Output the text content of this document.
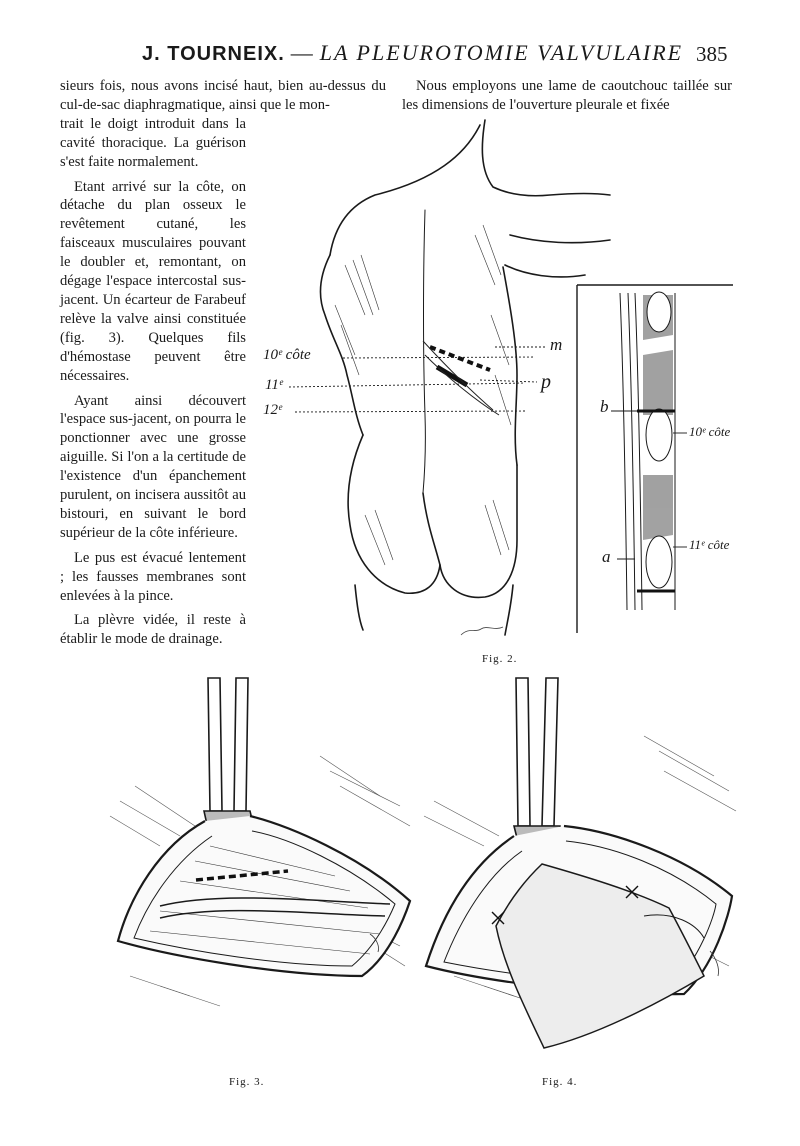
J. TOURNEIX. — LA PLEUROTOMIE VALVULAIRE 385

sieurs fois, nous avons incisé haut, bien au-dessus du cul-de-sac diaphragmatique, ainsi que le mon-

trait le doigt introduit dans la cavité thoracique. La guérison s'est faite normalement.

Etant arrivé sur la côte, on détache du plan osseux le revêtement cutané, les faisceaux musculaires pouvant le doubler et, remontant, on dégage l'espace intercostal sus-jacent. Un écarteur de Farabeuf relève la valve ainsi constituée (fig. 3). Quelques fils d'hémostase peuvent être nécessaires.

Ayant ainsi découvert l'espace sus-jacent, on pourra le ponctionner avec une grosse aiguille. Si l'on a la certitude de l'existence d'un épanchement purulent, on incisera aussitôt au bistouri, en suivant le bord supérieur de la côte inférieure.

Le pus est évacué lentement ; les fausses membranes sont enlevées à la pince.

La plèvre vidée, il reste à établir le mode de drainage.

Nous employons une lame de caoutchouc taillée sur les dimensions de l'ouverture pleurale et fixée

10ᵉ côte
11ᵉ
12ᵉ
m
p
b
10ᵉ côte
a
11ᵉ côte
Fig. 2.
Fig. 3.	Fig. 4.
